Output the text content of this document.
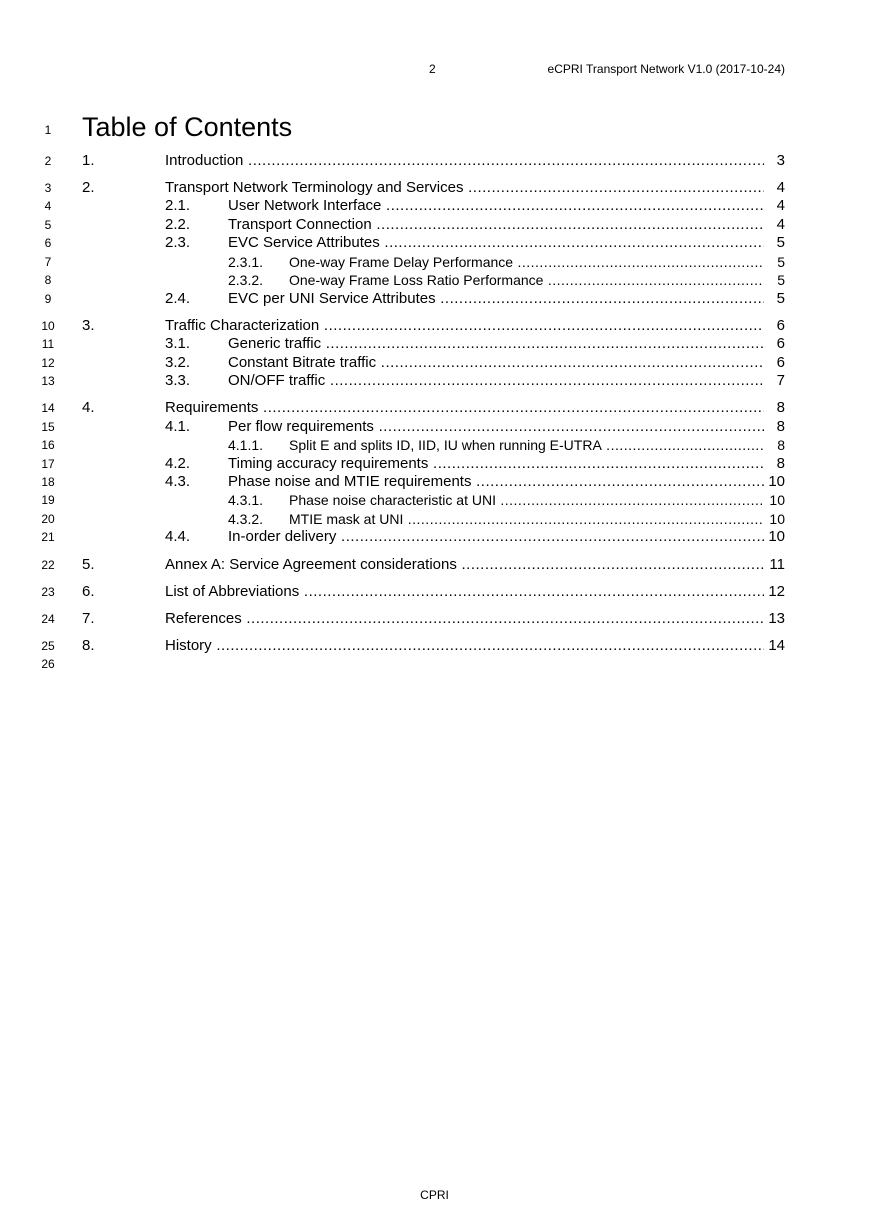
2	eCPRI Transport Network V1.0 (2017-10-24)
1	Table of Contents
2	1.	Introduction .....	3
3	2.	Transport Network Terminology and Services .....	4
4	2.1.	User Network Interface .....	4
5	2.2.	Transport Connection .....	4
6	2.3.	EVC Service Attributes .....	5
7	2.3.1. One-way Frame Delay Performance .....	5
8	2.3.2. One-way Frame Loss Ratio Performance .....	5
9	2.4.	EVC per UNI Service Attributes .....	5
10	3.	Traffic Characterization .....	6
11	3.1.	Generic traffic .....	6
12	3.2.	Constant Bitrate traffic .....	6
13	3.3.	ON/OFF traffic .....	7
14	4.	Requirements .....	8
15	4.1.	Per flow requirements .....	8
16	4.1.1. Split E and splits ID, IID, IU when running E-UTRA .....	8
17	4.2.	Timing accuracy requirements .....	8
18	4.3.	Phase noise and MTIE requirements .....	10
19	4.3.1. Phase noise characteristic at UNI .....	10
20	4.3.2. MTIE mask at UNI .....	10
21	4.4.	In-order delivery .....	10
22	5.	Annex A: Service Agreement considerations .....	11
23	6.	List of Abbreviations .....	12
24	7.	References .....	13
25	8.	History .....	14
26
CPRI
